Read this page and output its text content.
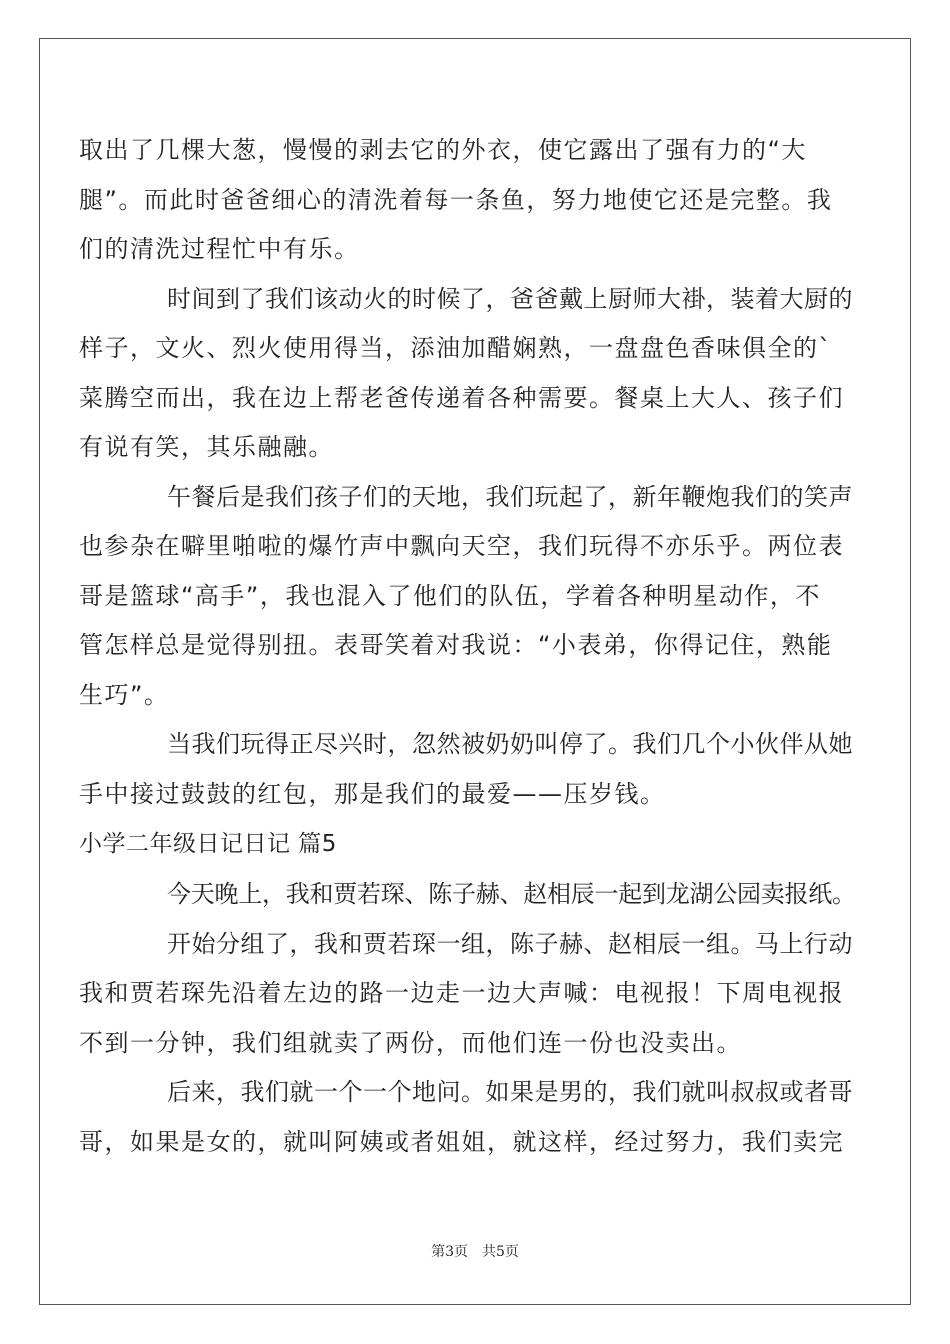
取出了几棵大葱，慢慢的剥去它的外衣，使它露出了强有力的“大
腿”。而此时爸爸细心的清洗着每一条鱼，努力地使它还是完整。我
们的清洗过程忙中有乐。
时间到了我们该动火的时候了，爸爸戴上厨师大褂，装着大厨的
样子，文火、烈火使用得当，添油加醋娴熟，一盘盘色香味俱全的`
菜腾空而出，我在边上帮老爸传递着各种需要。餐桌上大人、孩子们
有说有笑，其乐融融。
午餐后是我们孩子们的天地，我们玩起了，新年鞭炮我们的笑声
也参杂在噼里啪啦的爆竹声中飘向天空，我们玩得不亦乐乎。两位表
哥是篮球“高手”，我也混入了他们的队伍，学着各种明星动作，不
管怎样总是觉得别扭。表哥笑着对我说：“小表弟，你得记住，熟能
生巧”。
当我们玩得正尽兴时，忽然被奶奶叫停了。我们几个小伙伴从她
手中接过鼓鼓的红包，那是我们的最爱——压岁钱。
小学二年级日记日记 篇5
今天晚上，我和贾若琛、陈子赫、赵相辰一起到龙湖公园卖报纸。
开始分组了，我和贾若琛一组，陈子赫、赵相辰一组。马上行动
我和贾若琛先沿着左边的路一边走一边大声喊：电视报！下周电视报
不到一分钟，我们组就卖了两份，而他们连一份也没卖出。
后来，我们就一个一个地问。如果是男的，我们就叫叔叔或者哥
哥，如果是女的，就叫阿姨或者姐姐，就这样，经过努力，我们卖完
第3页　共5页
